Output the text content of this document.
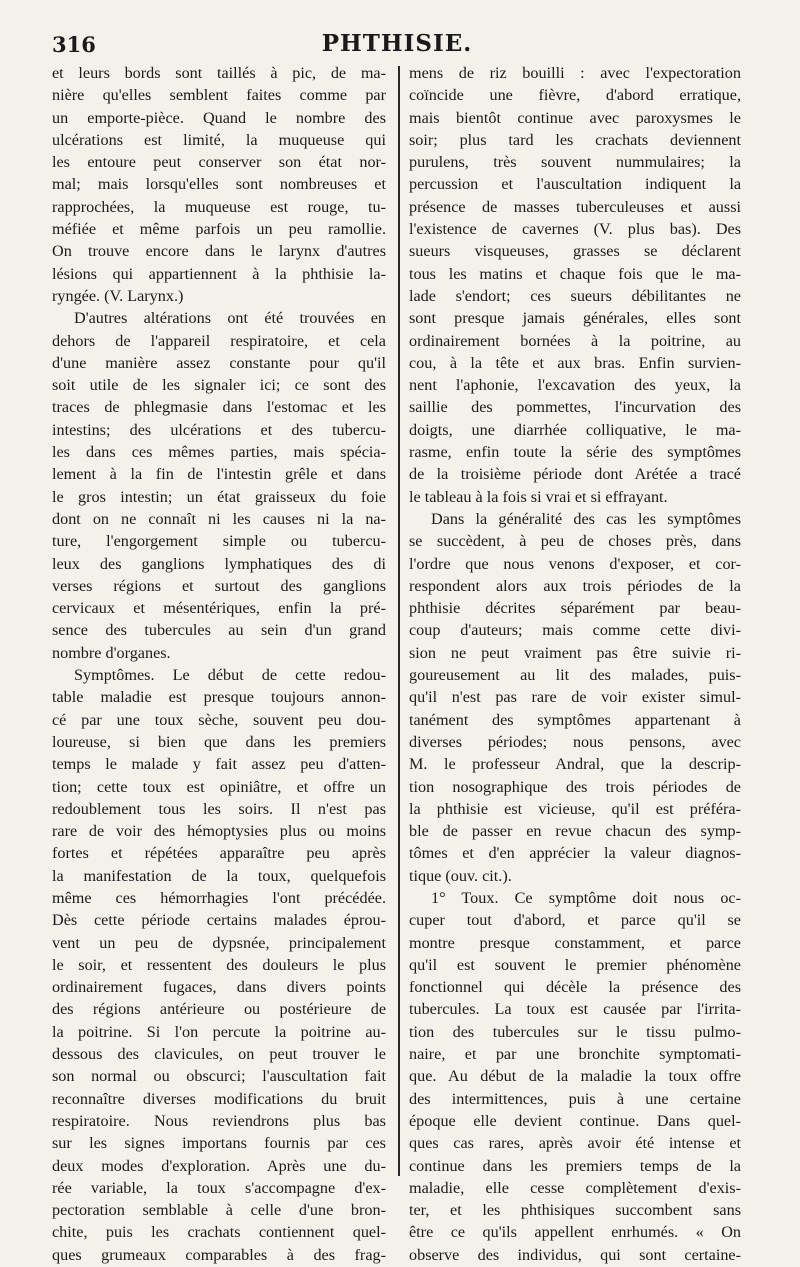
316	PHTHISIE.
et leurs bords sont taillés à pic, de ma-
nière qu'elles semblent faites comme par
un emporte-pièce. Quand le nombre des
ulcérations est limité, la muqueuse qui
les entoure peut conserver son état nor-
mal; mais lorsqu'elles sont nombreuses et
rapprochées, la muqueuse est rouge, tu-
méfiée et même parfois un peu ramollie.
On trouve encore dans le larynx d'autres
lésions qui appartiennent à la phthisie la-
ryngée. (V. Larynx.)
D'autres altérations ont été trouvées en
dehors de l'appareil respiratoire, et cela
d'une manière assez constante pour qu'il
soit utile de les signaler ici; ce sont des
traces de phlegmasie dans l'estomac et les
intestins; des ulcérations et des tubercu-
les dans ces mêmes parties, mais spécia-
lement à la fin de l'intestin grêle et dans
le gros intestin; un état graisseux du foie
dont on ne connaît ni les causes ni la na-
ture, l'engorgement simple ou tubercu-
leux des ganglions lymphatiques des di
verses régions et surtout des ganglions
cervicaux et mésentériques, enfin la pré-
sence des tubercules au sein d'un grand
nombre d'organes.
Symptômes. Le début de cette redou-
table maladie est presque toujours annon-
cé par une toux sèche, souvent peu dou-
loureuse, si bien que dans les premiers
temps le malade y fait assez peu d'atten-
tion; cette toux est opiniâtre, et offre un
redoublement tous les soirs. Il n'est pas
rare de voir des hémoptysies plus ou moins
fortes et répétées apparaître peu après
la manifestation de la toux, quelquefois
même ces hémorrhagies l'ont précédée.
Dès cette période certains malades éprou-
vent un peu de dypsnée, principalement
le soir, et ressentent des douleurs le plus
ordinairement fugaces, dans divers points
des régions antérieure ou postérieure de
la poitrine. Si l'on percute la poitrine au-
dessous des clavicules, on peut trouver le
son normal ou obscurci; l'auscultation fait
reconnaître diverses modifications du bruit
respiratoire. Nous reviendrons plus bas
sur les signes importans fournis par ces
deux modes d'exploration. Après une du-
rée variable, la toux s'accompagne d'ex-
pectoration semblable à celle d'une bron-
chite, puis les crachats contiennent quel-
ques grumeaux comparables à des frag-
mens de riz bouilli : avec l'expectoration
coïncide une fièvre, d'abord erratique,
mais bientôt continue avec paroxysmes le
soir; plus tard les crachats deviennent
purulens, très souvent nummulaires; la
percussion et l'auscultation indiquent la
présence de masses tuberculeuses et aussi
l'existence de cavernes (V. plus bas). Des
sueurs visqueuses, grasses se déclarent
tous les matins et chaque fois que le ma-
lade s'endort; ces sueurs débilitantes ne
sont presque jamais générales, elles sont
ordinairement bornées à la poitrine, au
cou, à la tête et aux bras. Enfin survien-
nent l'aphonie, l'excavation des yeux, la
saillie des pommettes, l'incurvation des
doigts, une diarrhée colliquative, le ma-
rasme, enfin toute la série des symptômes
de la troisième période dont Arétée a tracé
le tableau à la fois si vrai et si effrayant.
Dans la généralité des cas les symptômes
se succèdent, à peu de choses près, dans
l'ordre que nous venons d'exposer, et cor-
respondent alors aux trois périodes de la
phthisie décrites séparément par beau-
coup d'auteurs; mais comme cette divi-
sion ne peut vraiment pas être suivie ri-
goureusement au lit des malades, puis-
qu'il n'est pas rare de voir exister simul-
tanément des symptômes appartenant à
diverses périodes; nous pensons, avec
M. le professeur Andral, que la descrip-
tion nosographique des trois périodes de
la phthisie est vicieuse, qu'il est préféra-
ble de passer en revue chacun des symp-
tômes et d'en apprécier la valeur diagnos-
tique (ouv. cit.).
1° Toux. Ce symptôme doit nous oc-
cuper tout d'abord, et parce qu'il se
montre presque constamment, et parce
qu'il est souvent le premier phénomène
fonctionnel qui décèle la présence des
tubercules. La toux est causée par l'irrita-
tion des tubercules sur le tissu pulmo-
naire, et par une bronchite symptomati-
que. Au début de la maladie la toux offre
des intermittences, puis à une certaine
époque elle devient continue. Dans quel-
ques cas rares, après avoir été intense et
continue dans les premiers temps de la
maladie, elle cesse complètement d'exis-
ter, et les phthisiques succombent sans
être ce qu'ils appellent enrhumés. « On
observe des individus, qui sont certaine-
